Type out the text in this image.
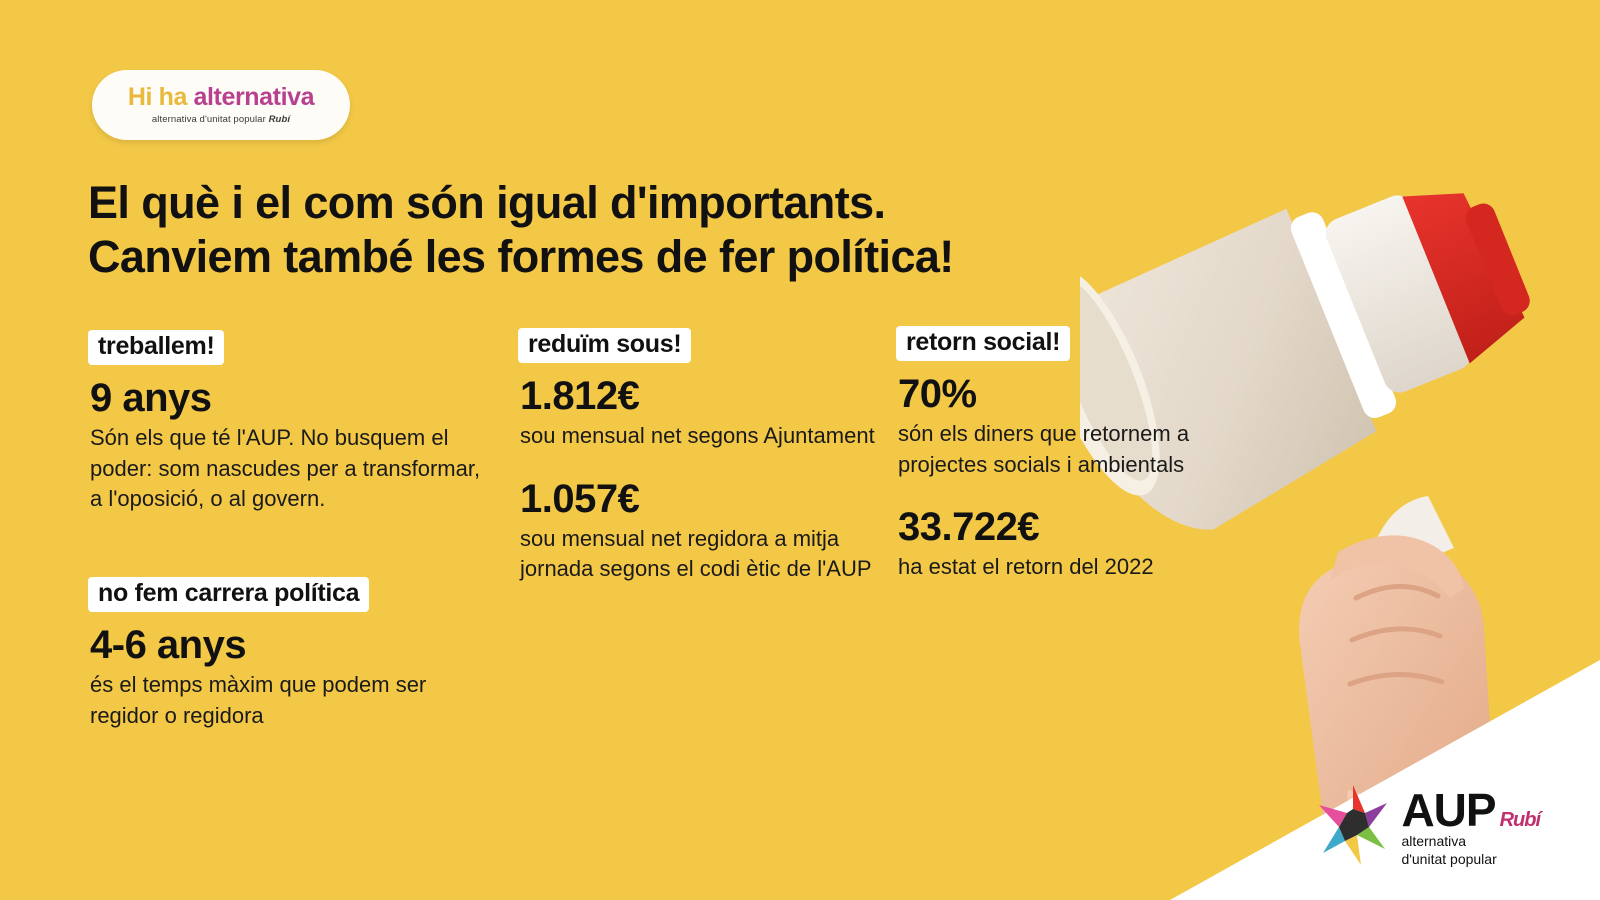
Hi ha alternativa
alternativa d'unitat popular Rubí
El què i el com són igual d'importants.
Canviem també les formes de fer política!
treballem!
9 anys
Són els que té l'AUP. No busquem el poder: som nascudes per a transformar, a l'oposició, o al govern.
no fem carrera política
4-6 anys
és el temps màxim que podem ser regidor o regidora
reduïm sous!
1.812€
sou mensual net segons Ajuntament
1.057€
sou mensual net regidora a mitja jornada segons el codi ètic de l'AUP
retorn social!
70%
són els diners que retornem a projectes socials i ambientals
33.722€
ha estat el retorn del 2022
AUP Rubí
alternativa
d'unitat popular
